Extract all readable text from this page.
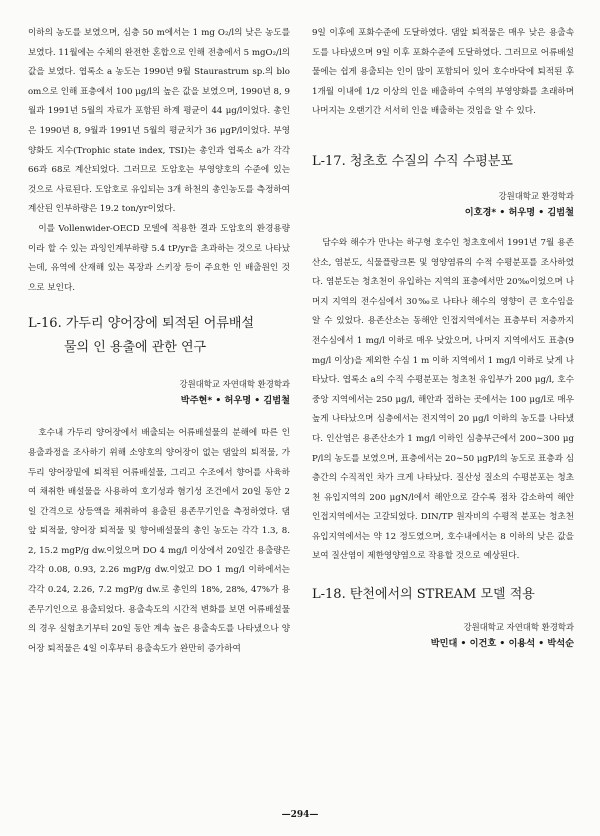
이하의 농도를 보였으며, 심층 50 m에서는 1 mg O₂/l의 낮은 농도를 보였다. 11월에는 수체의 완전한 혼합으로 인해 전층에서 5 mgO₂/l의 값을 보였다. 엽록소 a 농도는 1990년 9월 Staurastrum sp.의 bloom으로 인해 표층에서 100 μg/l의 높은 값을 보였으며, 1990년 8, 9월과 1991년 5월의 자료가 포함된 하계 평균이 44 μg/l이었다. 총인은 1990년 8, 9월과 1991년 5월의 평균치가 36 μgP/l이었다. 부영양화도 지수(Trophic state index, TSI)는 총인과 엽록소 a가 각각 66과 68로 계산되었다. 그러므로 도암호는 부영양호의 수준에 있는 것으로 사료된다. 도암호로 유입되는 3개 하천의 총인농도를 측정하여 계산된 인부하량은 19.2 ton/yr이었다.

이를 Vollenwider-OECD 모델에 적용한 결과 도암호의 환경용량이라 할 수 있는 과잉인계부하량 5.4 tP/yr을 초과하는 것으로 나타났는데, 유역에 산재해 있는 목장과 스키장 등이 주요한 인 배출원인 것으로 보인다.

L-16. 가두리 양어장에 퇴적된 어류배설
물의 인 용출에 관한 연구
강원대학교 자연대학 환경학과
박주현* • 허우명 • 김범철

호수내 가두리 양어장에서 배출되는 어류배설물의 분해에 따른 인 용출과정을 조사하기 위해 소양호의 양어장이 없는 댐앞의 퇴적물, 가두리 양어장밑에 퇴적된 어류배설물, 그리고 수조에서 향어를 사육하여 채취한 배설물을 사용하여 호기성과 혐기성 조건에서 20일 동안 2일 간격으로 상등액을 채취하여 용출된 용존무기인을 측정하였다. 댐앞 퇴적물, 양어장 퇴적물 및 향어배설물의 총인 농도는 각각 1.3, 8.2, 15.2 mgP/g dw.이었으며 DO 4 mg/l 이상에서 20일간 용출량은 각각 0.08, 0.93, 2.26 mgP/g dw.이었고 DO 1 mg/l 이하에서는 각각 0.24, 2.26, 7.2 mgP/g dw.로 총인의 18%, 28%, 47%가 용존무기인으로 용출되었다. 용출속도의 시간적 변화를 보면 어류배설물의 경우 실험초기부터 20일 동안 계속 높은 용출속도를 나타냈으나 양어장 퇴적물은 4일 이후부터 용출속도가 완만히 증가하여

9일 이후에 포화수준에 도달하였다. 댐앞 퇴적물은 매우 낮은 용출속도를 나타냈으며 9일 이후 포화수준에 도달하였다. 그러므로 어류배설물에는 쉽게 용출되는 인이 많이 포함되어 있어 호수바닥에 퇴적된 후 1개월 이내에 1/2 이상의 인을 배출하여 수역의 부영양화를 초래하며 나머지는 오랜기간 서서히 인을 배출하는 것임을 알 수 있다.

L-17. 청초호 수질의 수직 수평분포
강원대학교 환경학과
이호경* • 허우명 • 김범철

담수와 해수가 만나는 하구형 호수인 청초호에서 1991년 7월 용존산소, 염분도, 식물플랑크톤 및 영양염류의 수적 수평분포를 조사하였다. 염분도는 청초천이 유입하는 지역의 표층에서만 20‰이었으며 나머지 지역의 전수심에서 30‰로 나타나 해수의 영향이 큰 호수임을 알 수 있었다. 용존산소는 동해안 인접지역에서는 표층부터 저층까지 전수심에서 1 mg/l 이하로 매우 낮았으며, 나머지 지역에서도 표층(9 mg/l 이상)을 제외한 수심 1 m 이하 지역에서 1 mg/l 이하로 낮게 나타났다. 엽록소 a의 수직 수평분포는 청초천 유입부가 200 μg/l, 호수 중앙 지역에서는 250 μg/l, 해안과 접하는 곳에서는 100 μg/l로 매우 높게 나타났으며 심층에서는 전지역이 20 μg/l 이하의 농도를 나타냈다. 인산염은 용존산소가 1 mg/l 이하인 심층부근에서 200∼300 μgP/l의 농도를 보였으며, 표층에서는 20∼50 μgP/l의 농도로 표층과 심층간의 수직적인 차가 크게 나타났다. 질산성 질소의 수평분포는 청초천 유입지역의 200 μgN/l에서 해안으로 갈수록 점차 감소하여 해안 인접지역에서는 고갈되었다. DIN/TP 원자비의 수평적 분포는 청초천 유입지역에서는 약 12 정도였으며, 호수내에서는 8 이하의 낮은 값을 보여 질산염이 제한영양염으로 작용할 것으로 예상된다.

L-18. 탄천에서의 STREAM 모델 적용
강원대학교 자연대학 환경학과
박민대 • 이건호 • 이용석 • 박석순
—294—
